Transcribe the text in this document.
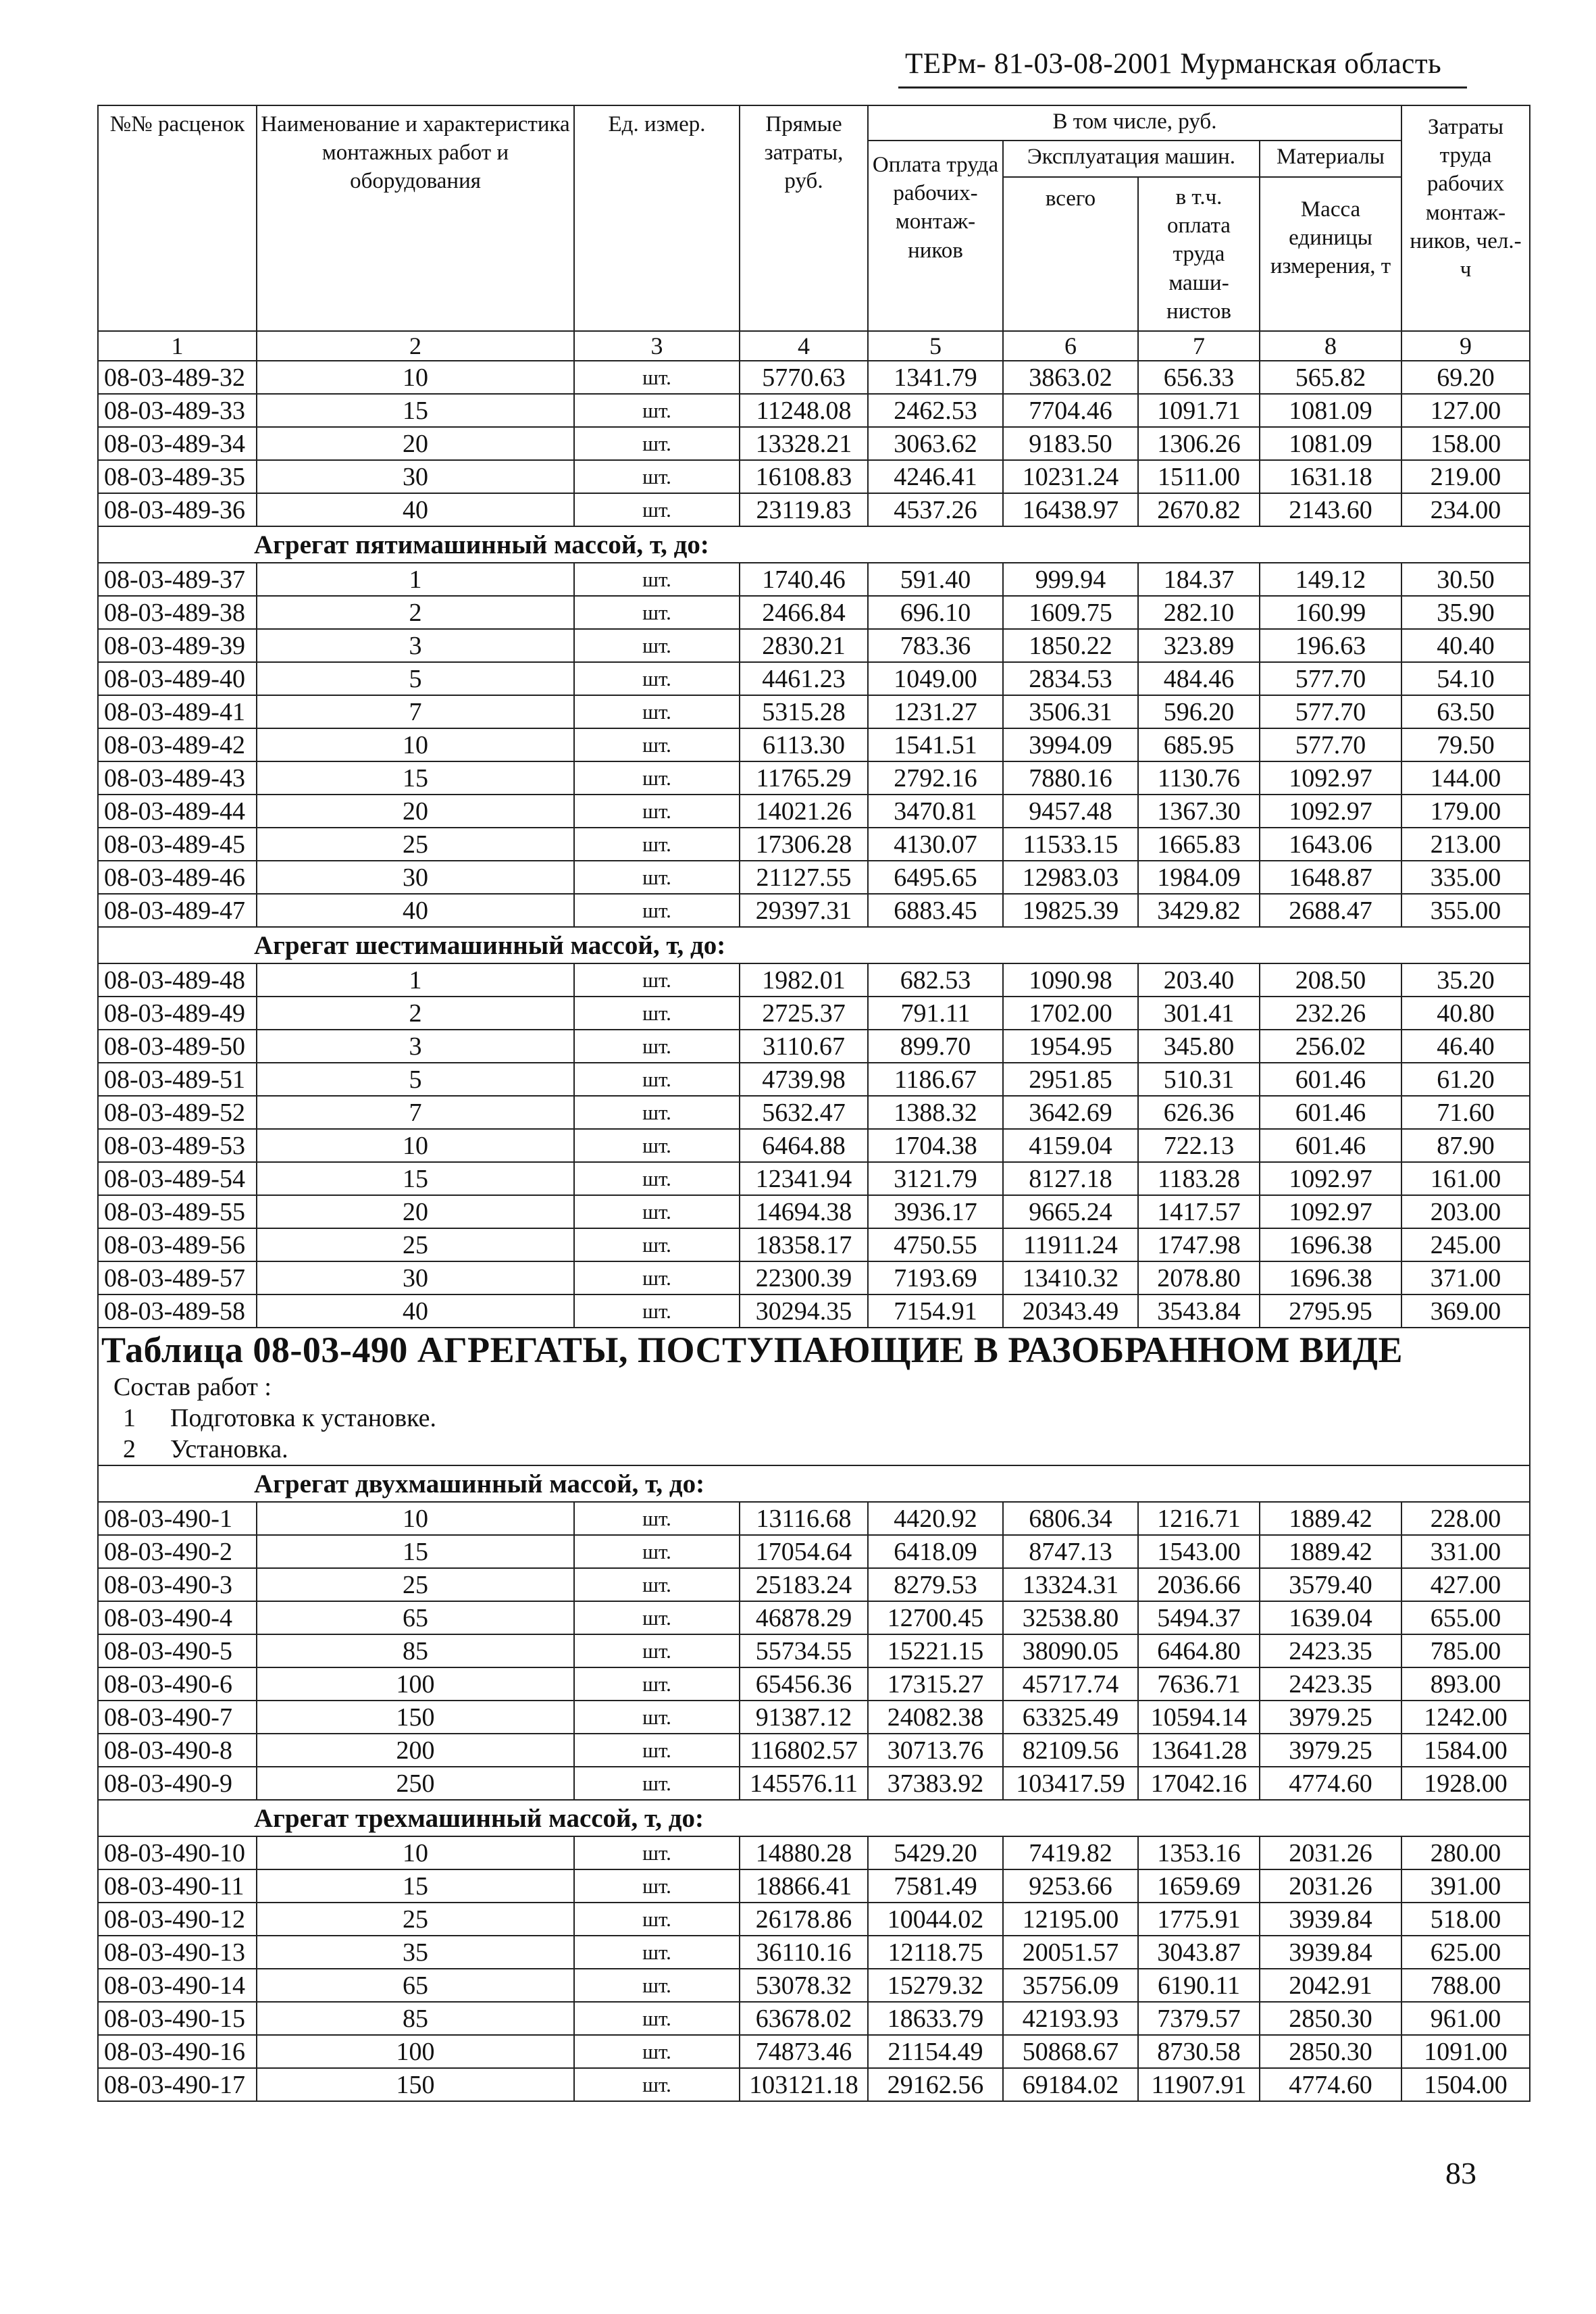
ТЕРм- 81-03-08-2001 Мурманская область
№№ расценок	Наименование и характеристика монтажных работ и оборудования	Ед. измер.	Прямые затраты, руб.	В том числе, руб.				Затраты труда рабочих монтаж-ников, чел.-ч
				Оплата труда рабочих-монтаж-ников	Эксплуатация машин.		Материалы	
					всего	в т.ч. оплата труда маши-нистов	Масса единицы измерения, т	
1	2	3	4	5	6	7	8	9
08-03-489-32	10	шт.	5770.63	1341.79	3863.02	656.33	565.82	69.20
08-03-489-33	15	шт.	11248.08	2462.53	7704.46	1091.71	1081.09	127.00
08-03-489-34	20	шт.	13328.21	3063.62	9183.50	1306.26	1081.09	158.00
08-03-489-35	30	шт.	16108.83	4246.41	10231.24	1511.00	1631.18	219.00
08-03-489-36	40	шт.	23119.83	4537.26	16438.97	2670.82	2143.60	234.00
Агрегат пятимашинный массой, т, до:								
08-03-489-37	1	шт.	1740.46	591.40	999.94	184.37	149.12	30.50
08-03-489-38	2	шт.	2466.84	696.10	1609.75	282.10	160.99	35.90
08-03-489-39	3	шт.	2830.21	783.36	1850.22	323.89	196.63	40.40
08-03-489-40	5	шт.	4461.23	1049.00	2834.53	484.46	577.70	54.10
08-03-489-41	7	шт.	5315.28	1231.27	3506.31	596.20	577.70	63.50
08-03-489-42	10	шт.	6113.30	1541.51	3994.09	685.95	577.70	79.50
08-03-489-43	15	шт.	11765.29	2792.16	7880.16	1130.76	1092.97	144.00
08-03-489-44	20	шт.	14021.26	3470.81	9457.48	1367.30	1092.97	179.00
08-03-489-45	25	шт.	17306.28	4130.07	11533.15	1665.83	1643.06	213.00
08-03-489-46	30	шт.	21127.55	6495.65	12983.03	1984.09	1648.87	335.00
08-03-489-47	40	шт.	29397.31	6883.45	19825.39	3429.82	2688.47	355.00
Агрегат шестимашинный массой, т, до:								
08-03-489-48	1	шт.	1982.01	682.53	1090.98	203.40	208.50	35.20
08-03-489-49	2	шт.	2725.37	791.11	1702.00	301.41	232.26	40.80
08-03-489-50	3	шт.	3110.67	899.70	1954.95	345.80	256.02	46.40
08-03-489-51	5	шт.	4739.98	1186.67	2951.85	510.31	601.46	61.20
08-03-489-52	7	шт.	5632.47	1388.32	3642.69	626.36	601.46	71.60
08-03-489-53	10	шт.	6464.88	1704.38	4159.04	722.13	601.46	87.90
08-03-489-54	15	шт.	12341.94	3121.79	8127.18	1183.28	1092.97	161.00
08-03-489-55	20	шт.	14694.38	3936.17	9665.24	1417.57	1092.97	203.00
08-03-489-56	25	шт.	18358.17	4750.55	11911.24	1747.98	1696.38	245.00
08-03-489-57	30	шт.	22300.39	7193.69	13410.32	2078.80	1696.38	371.00
08-03-489-58	40	шт.	30294.35	7154.91	20343.49	3543.84	2795.95	369.00
Таблица 08-03-490 АГРЕГАТЫ, ПОСТУПАЮЩИЕ В РАЗОБРАННОМ ВИДЕ								
Состав работ :								
1 Подготовка к установке.								
2 Установка.								
Агрегат двухмашинный массой, т, до:								
08-03-490-1	10	шт.	13116.68	4420.92	6806.34	1216.71	1889.42	228.00
08-03-490-2	15	шт.	17054.64	6418.09	8747.13	1543.00	1889.42	331.00
08-03-490-3	25	шт.	25183.24	8279.53	13324.31	2036.66	3579.40	427.00
08-03-490-4	65	шт.	46878.29	12700.45	32538.80	5494.37	1639.04	655.00
08-03-490-5	85	шт.	55734.55	15221.15	38090.05	6464.80	2423.35	785.00
08-03-490-6	100	шт.	65456.36	17315.27	45717.74	7636.71	2423.35	893.00
08-03-490-7	150	шт.	91387.12	24082.38	63325.49	10594.14	3979.25	1242.00
08-03-490-8	200	шт.	116802.57	30713.76	82109.56	13641.28	3979.25	1584.00
08-03-490-9	250	шт.	145576.11	37383.92	103417.59	17042.16	4774.60	1928.00
Агрегат трехмашинный массой, т, до:								
08-03-490-10	10	шт.	14880.28	5429.20	7419.82	1353.16	2031.26	280.00
08-03-490-11	15	шт.	18866.41	7581.49	9253.66	1659.69	2031.26	391.00
08-03-490-12	25	шт.	26178.86	10044.02	12195.00	1775.91	3939.84	518.00
08-03-490-13	35	шт.	36110.16	12118.75	20051.57	3043.87	3939.84	625.00
08-03-490-14	65	шт.	53078.32	15279.32	35756.09	6190.11	2042.91	788.00
08-03-490-15	85	шт.	63678.02	18633.79	42193.93	7379.57	2850.30	961.00
08-03-490-16	100	шт.	74873.46	21154.49	50868.67	8730.58	2850.30	1091.00
08-03-490-17	150	шт.	103121.18	29162.56	69184.02	11907.91	4774.60	1504.00
83
